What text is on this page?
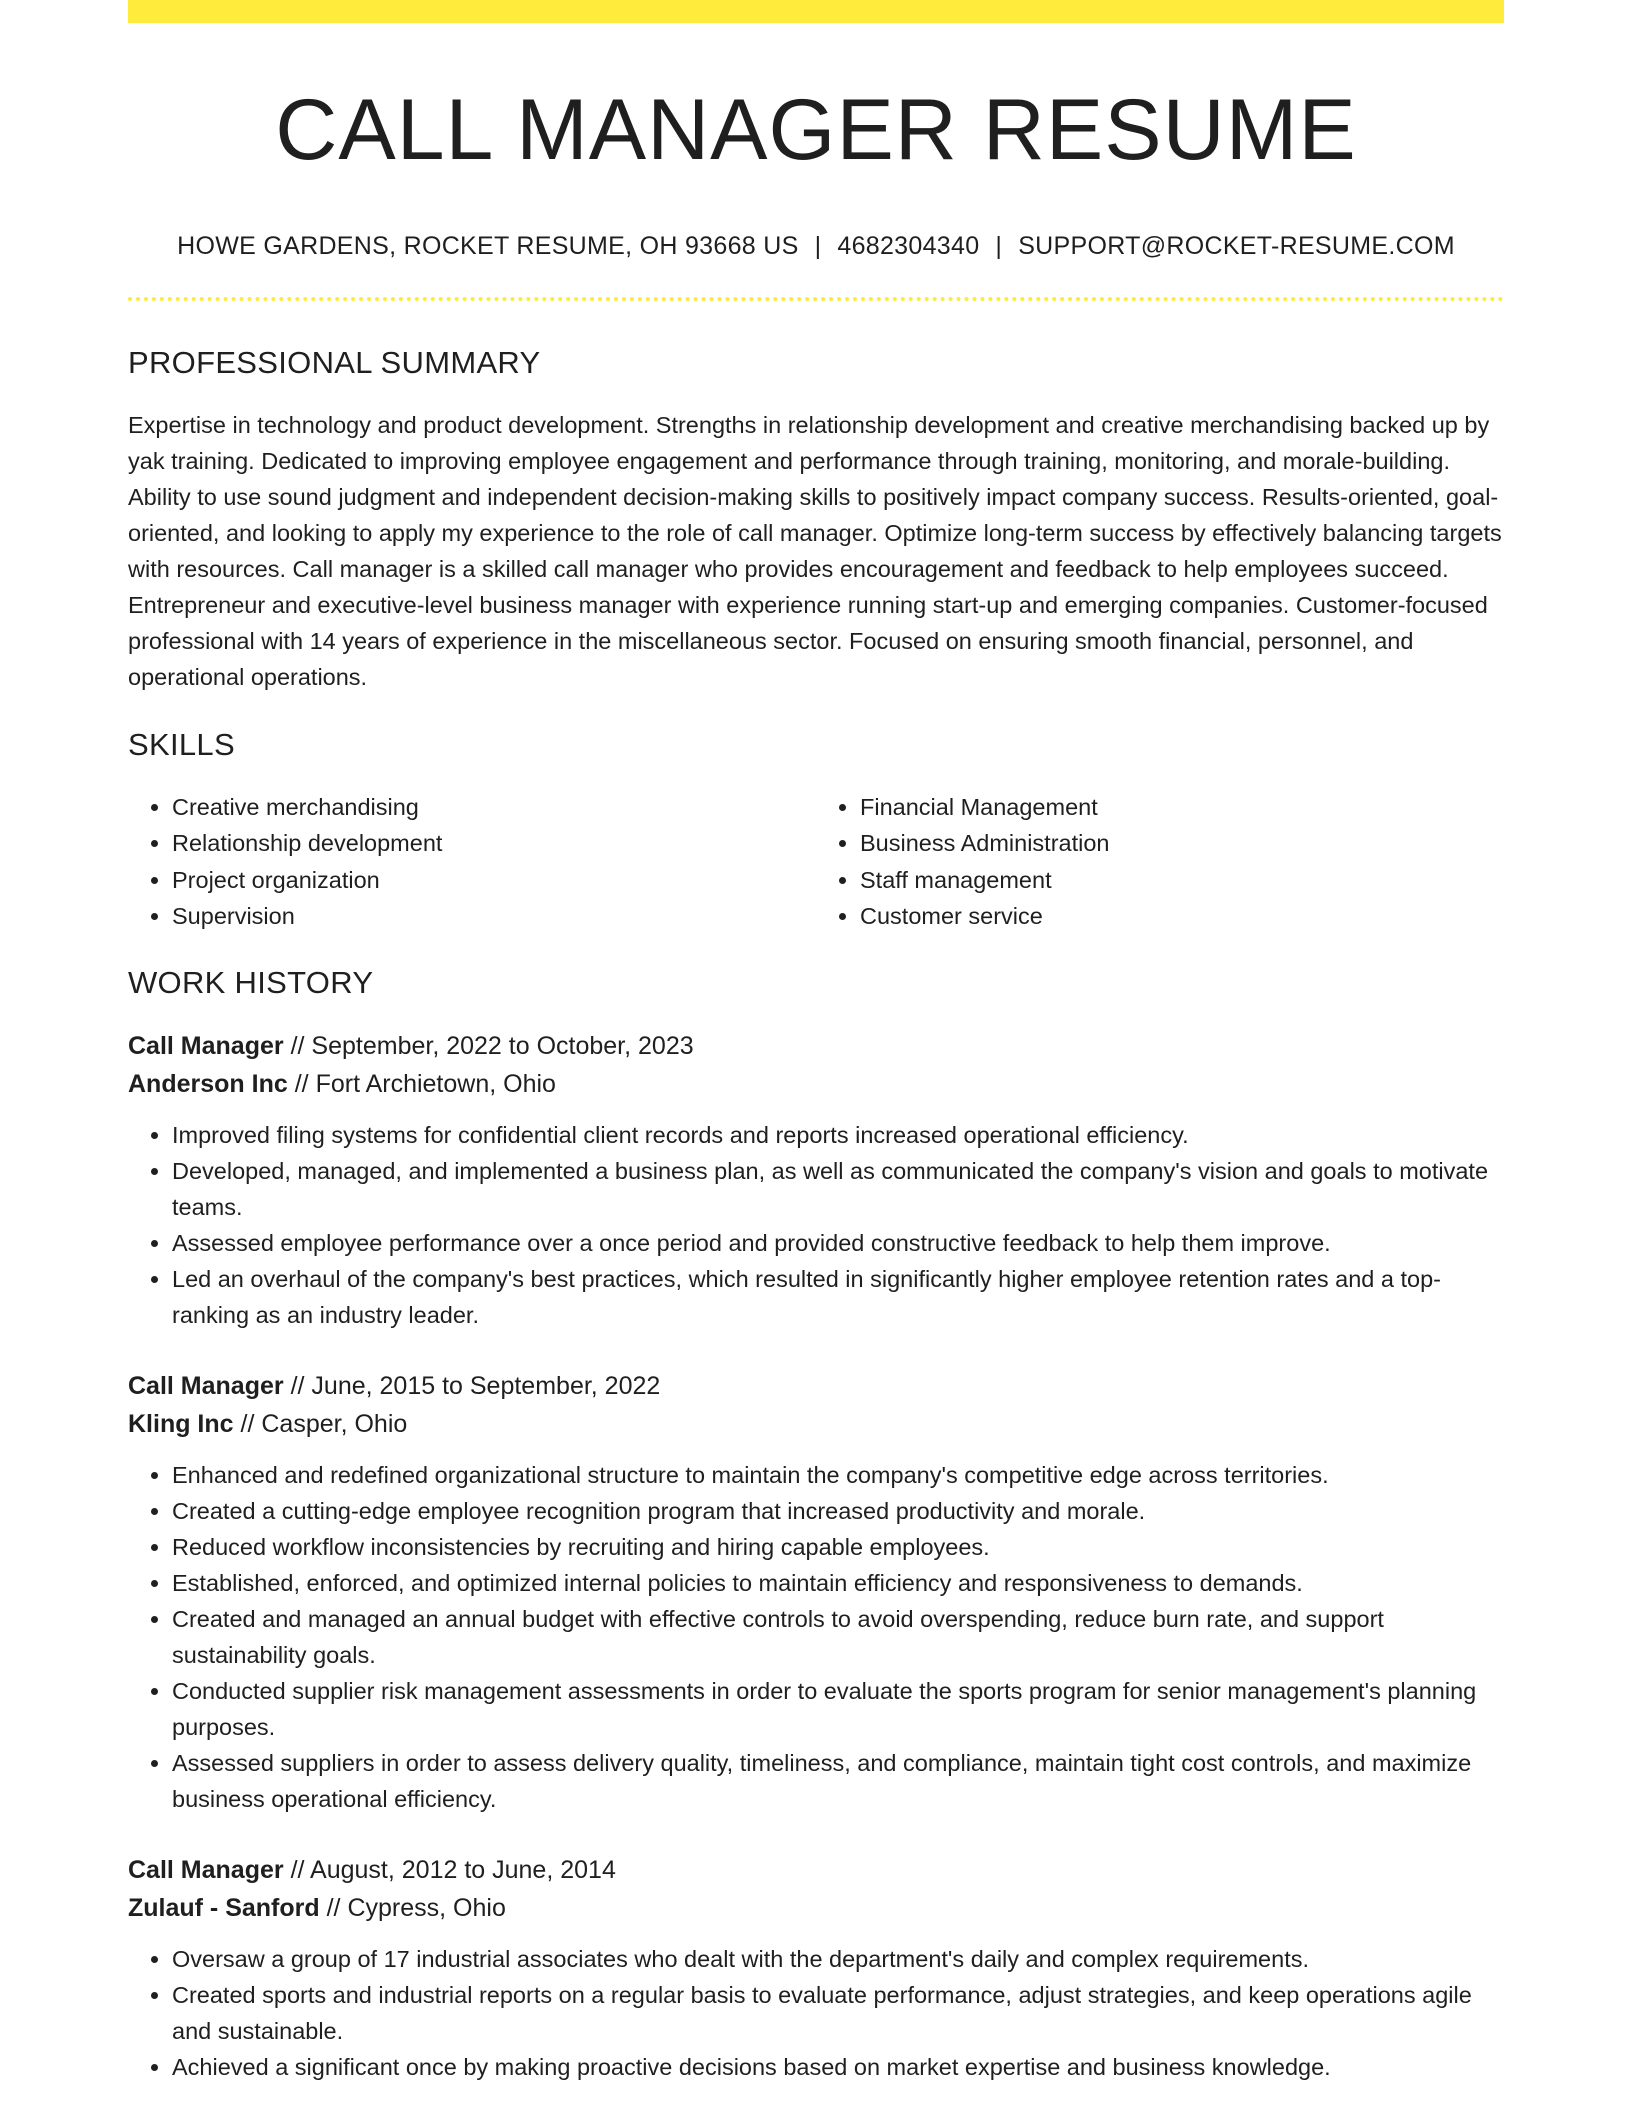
CALL MANAGER RESUME
HOWE GARDENS, ROCKET RESUME, OH 93668 US | 4682304340 | SUPPORT@ROCKET-RESUME.COM
PROFESSIONAL SUMMARY
Expertise in technology and product development. Strengths in relationship development and creative merchandising backed up by yak training. Dedicated to improving employee engagement and performance through training, monitoring, and morale-building. Ability to use sound judgment and independent decision-making skills to positively impact company success. Results-oriented, goal-oriented, and looking to apply my experience to the role of call manager. Optimize long-term success by effectively balancing targets with resources. Call manager is a skilled call manager who provides encouragement and feedback to help employees succeed. Entrepreneur and executive-level business manager with experience running start-up and emerging companies. Customer-focused professional with 14 years of experience in the miscellaneous sector. Focused on ensuring smooth financial, personnel, and operational operations.
SKILLS
• Creative merchandising
• Relationship development
• Project organization
• Supervision
• Financial Management
• Business Administration
• Staff management
• Customer service
WORK HISTORY
Call Manager // September, 2022 to October, 2023
Anderson Inc // Fort Archietown, Ohio
• Improved filing systems for confidential client records and reports increased operational efficiency.
• Developed, managed, and implemented a business plan, as well as communicated the company's vision and goals to motivate teams.
• Assessed employee performance over a once period and provided constructive feedback to help them improve.
• Led an overhaul of the company's best practices, which resulted in significantly higher employee retention rates and a top-ranking as an industry leader.
Call Manager // June, 2015 to September, 2022
Kling Inc // Casper, Ohio
• Enhanced and redefined organizational structure to maintain the company's competitive edge across territories.
• Created a cutting-edge employee recognition program that increased productivity and morale.
• Reduced workflow inconsistencies by recruiting and hiring capable employees.
• Established, enforced, and optimized internal policies to maintain efficiency and responsiveness to demands.
• Created and managed an annual budget with effective controls to avoid overspending, reduce burn rate, and support sustainability goals.
• Conducted supplier risk management assessments in order to evaluate the sports program for senior management's planning purposes.
• Assessed suppliers in order to assess delivery quality, timeliness, and compliance, maintain tight cost controls, and maximize business operational efficiency.
Call Manager // August, 2012 to June, 2014
Zulauf - Sanford // Cypress, Ohio
• Oversaw a group of 17 industrial associates who dealt with the department's daily and complex requirements.
• Created sports and industrial reports on a regular basis to evaluate performance, adjust strategies, and keep operations agile and sustainable.
• Achieved a significant once by making proactive decisions based on market expertise and business knowledge.
